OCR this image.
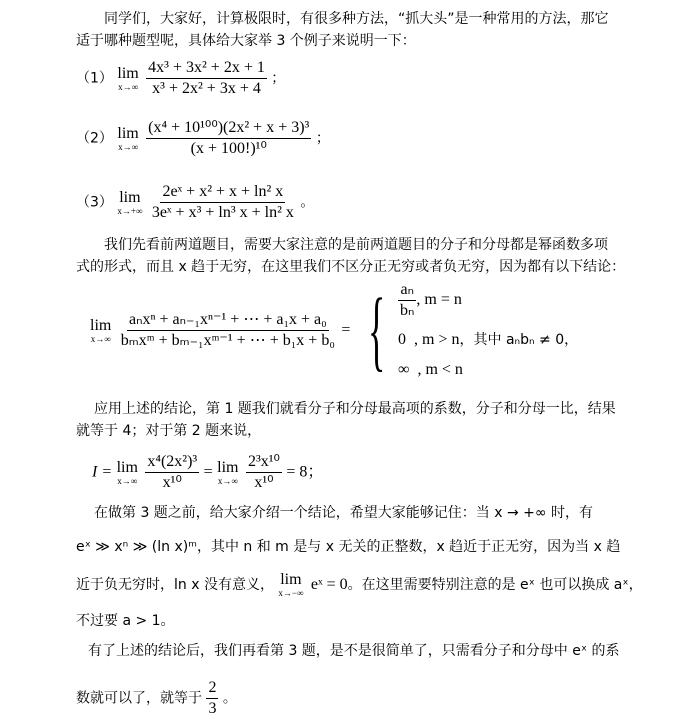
同学们，大家好，计算极限时，有很多种方法，“抓大头”是一种常用的方法，那它
适于哪种题型呢，具体给大家举 3 个例子来说明一下：
（1） lim
x→∞
$\frac{\text{4x³ + 3x² + 2x + 1}}{\text{x³ + 2x² + 3x + 4}}$ ；
（2） lim
x→∞
$\frac{\text{(x⁴ + 10¹⁰⁰)(2x² + x + 3)³}}{\text{(x + 100!)¹⁰}}$ ；
（3） lim
x→+∞
$\frac{\text{2eˣ + x² + x + ln² x}}{\text{3eˣ + x³ + ln³ x + ln² x}}$ 。
我们先看前两道题目，需要大家注意的是前两道题目的分子和分母都是幂函数多项
式的形式，而且 x 趋于无穷，在这里我们不区分正无穷或者负无穷，因为都有以下结论：
lim
x→∞
$\frac{\text{aₙxⁿ + aₙ₋₁xⁿ⁻¹ + ⋯ + a₁x + a₀}}{\text{bₘxᵐ + bₘ₋₁xᵐ⁻¹ + ⋯ + b₁x + b₀}}$ = { $\frac{\text{aₙ}}{\text{bₙ}}$ , m = n
0 , m > n，其中 aₙbₙ ≠ 0，
∞ , m < n
应用上述的结论，第 1 题我们就看分子和分母最高项的系数，分子和分母一比，结果
就等于 4；对于第 2 题来说，
I = lim
x→∞
$\frac{\text{x⁴(2x²)³}}{\text{x¹⁰}} = \lim$
x→∞
$\frac{\text{2³x¹⁰}}{\text{x¹⁰}} = 8$；
在做第 3 题之前，给大家介绍一个结论，希望大家能够记住：当 x → +∞ 时，有
eˣ ≫ xⁿ ≫ (ln x)ᵐ，其中 n 和 m 是与 x 无关的正整数，x 趋近于正无穷，因为当 x 趋
近于负无穷时，ln x 没有意义， lim
x→−∞ eˣ = 0。在这里需要特别注意的是 eˣ 也可以换成 aˣ，
不过要 a > 1。
有了上述的结论后，我们再看第 3 题，是不是很简单了，只需看分子和分母中 eˣ 的系
数就可以了，就等于 $\frac{2}{3}$ 。
